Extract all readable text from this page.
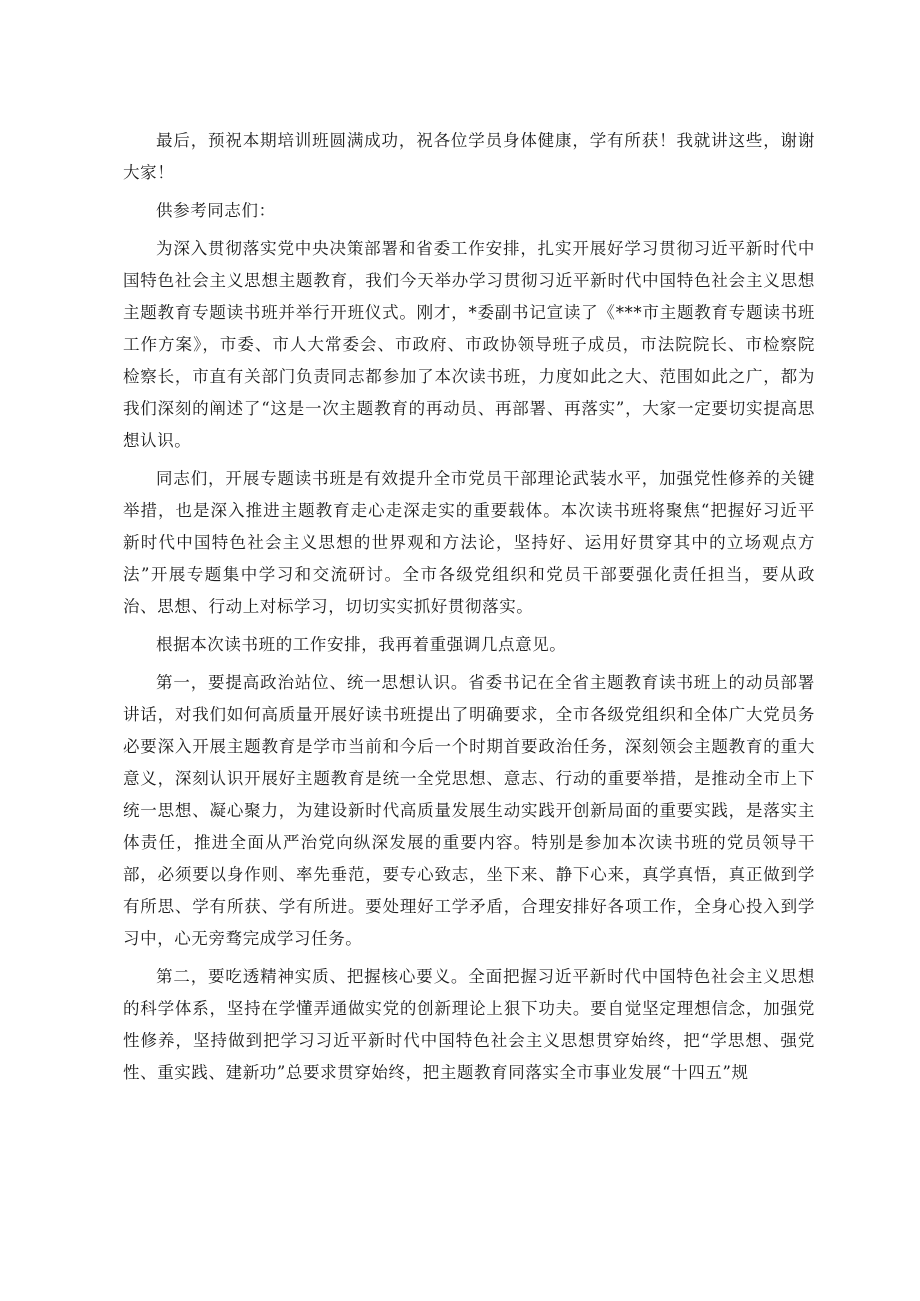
最后，预祝本期培训班圆满成功，祝各位学员身体健康，学有所获！我就讲这些，谢谢大家！

供参考同志们：

为深入贯彻落实党中央决策部署和省委工作安排，扎实开展好学习贯彻习近平新时代中国特色社会主义思想主题教育，我们今天举办学习贯彻习近平新时代中国特色社会主义思想主题教育专题读书班并举行开班仪式。刚才，*委副书记宣读了《***市主题教育专题读书班工作方案》，市委、市人大常委会、市政府、市政协领导班子成员，市法院院长、市检察院检察长，市直有关部门负责同志都参加了本次读书班，力度如此之大、范围如此之广，都为我们深刻的阐述了“这是一次主题教育的再动员、再部署、再落实”，大家一定要切实提高思想认识。

同志们，开展专题读书班是有效提升全市党员干部理论武装水平，加强党性修养的关键举措，也是深入推进主题教育走心走深走实的重要载体。本次读书班将聚焦“把握好习近平新时代中国特色社会主义思想的世界观和方法论，坚持好、运用好贯穿其中的立场观点方法”开展专题集中学习和交流研讨。全市各级党组织和党员干部要强化责任担当，要从政治、思想、行动上对标学习，切切实实抓好贯彻落实。

根据本次读书班的工作安排，我再着重强调几点意见。

第一，要提高政治站位、统一思想认识。省委书记在全省主题教育读书班上的动员部署讲话，对我们如何高质量开展好读书班提出了明确要求，全市各级党组织和全体广大党员务必要深入开展主题教育是学市当前和今后一个时期首要政治任务，深刻领会主题教育的重大意义，深刻认识开展好主题教育是统一全党思想、意志、行动的重要举措，是推动全市上下统一思想、凝心聚力，为建设新时代高质量发展生动实践开创新局面的重要实践，是落实主体责任，推进全面从严治党向纵深发展的重要内容。特别是参加本次读书班的党员领导干部，必须要以身作则、率先垂范，要专心致志，坐下来、静下心来，真学真悟，真正做到学有所思、学有所获、学有所进。要处理好工学矛盾，合理安排好各项工作，全身心投入到学习中，心无旁骛完成学习任务。

第二，要吃透精神实质、把握核心要义。全面把握习近平新时代中国特色社会主义思想的科学体系，坚持在学懂弄通做实党的创新理论上狠下功夫。要自觉坚定理想信念，加强党性修养，坚持做到把学习习近平新时代中国特色社会主义思想贯穿始终，把“学思想、强党性、重实践、建新功”总要求贯穿始终，把主题教育同落实全市事业发展“十四五”规
